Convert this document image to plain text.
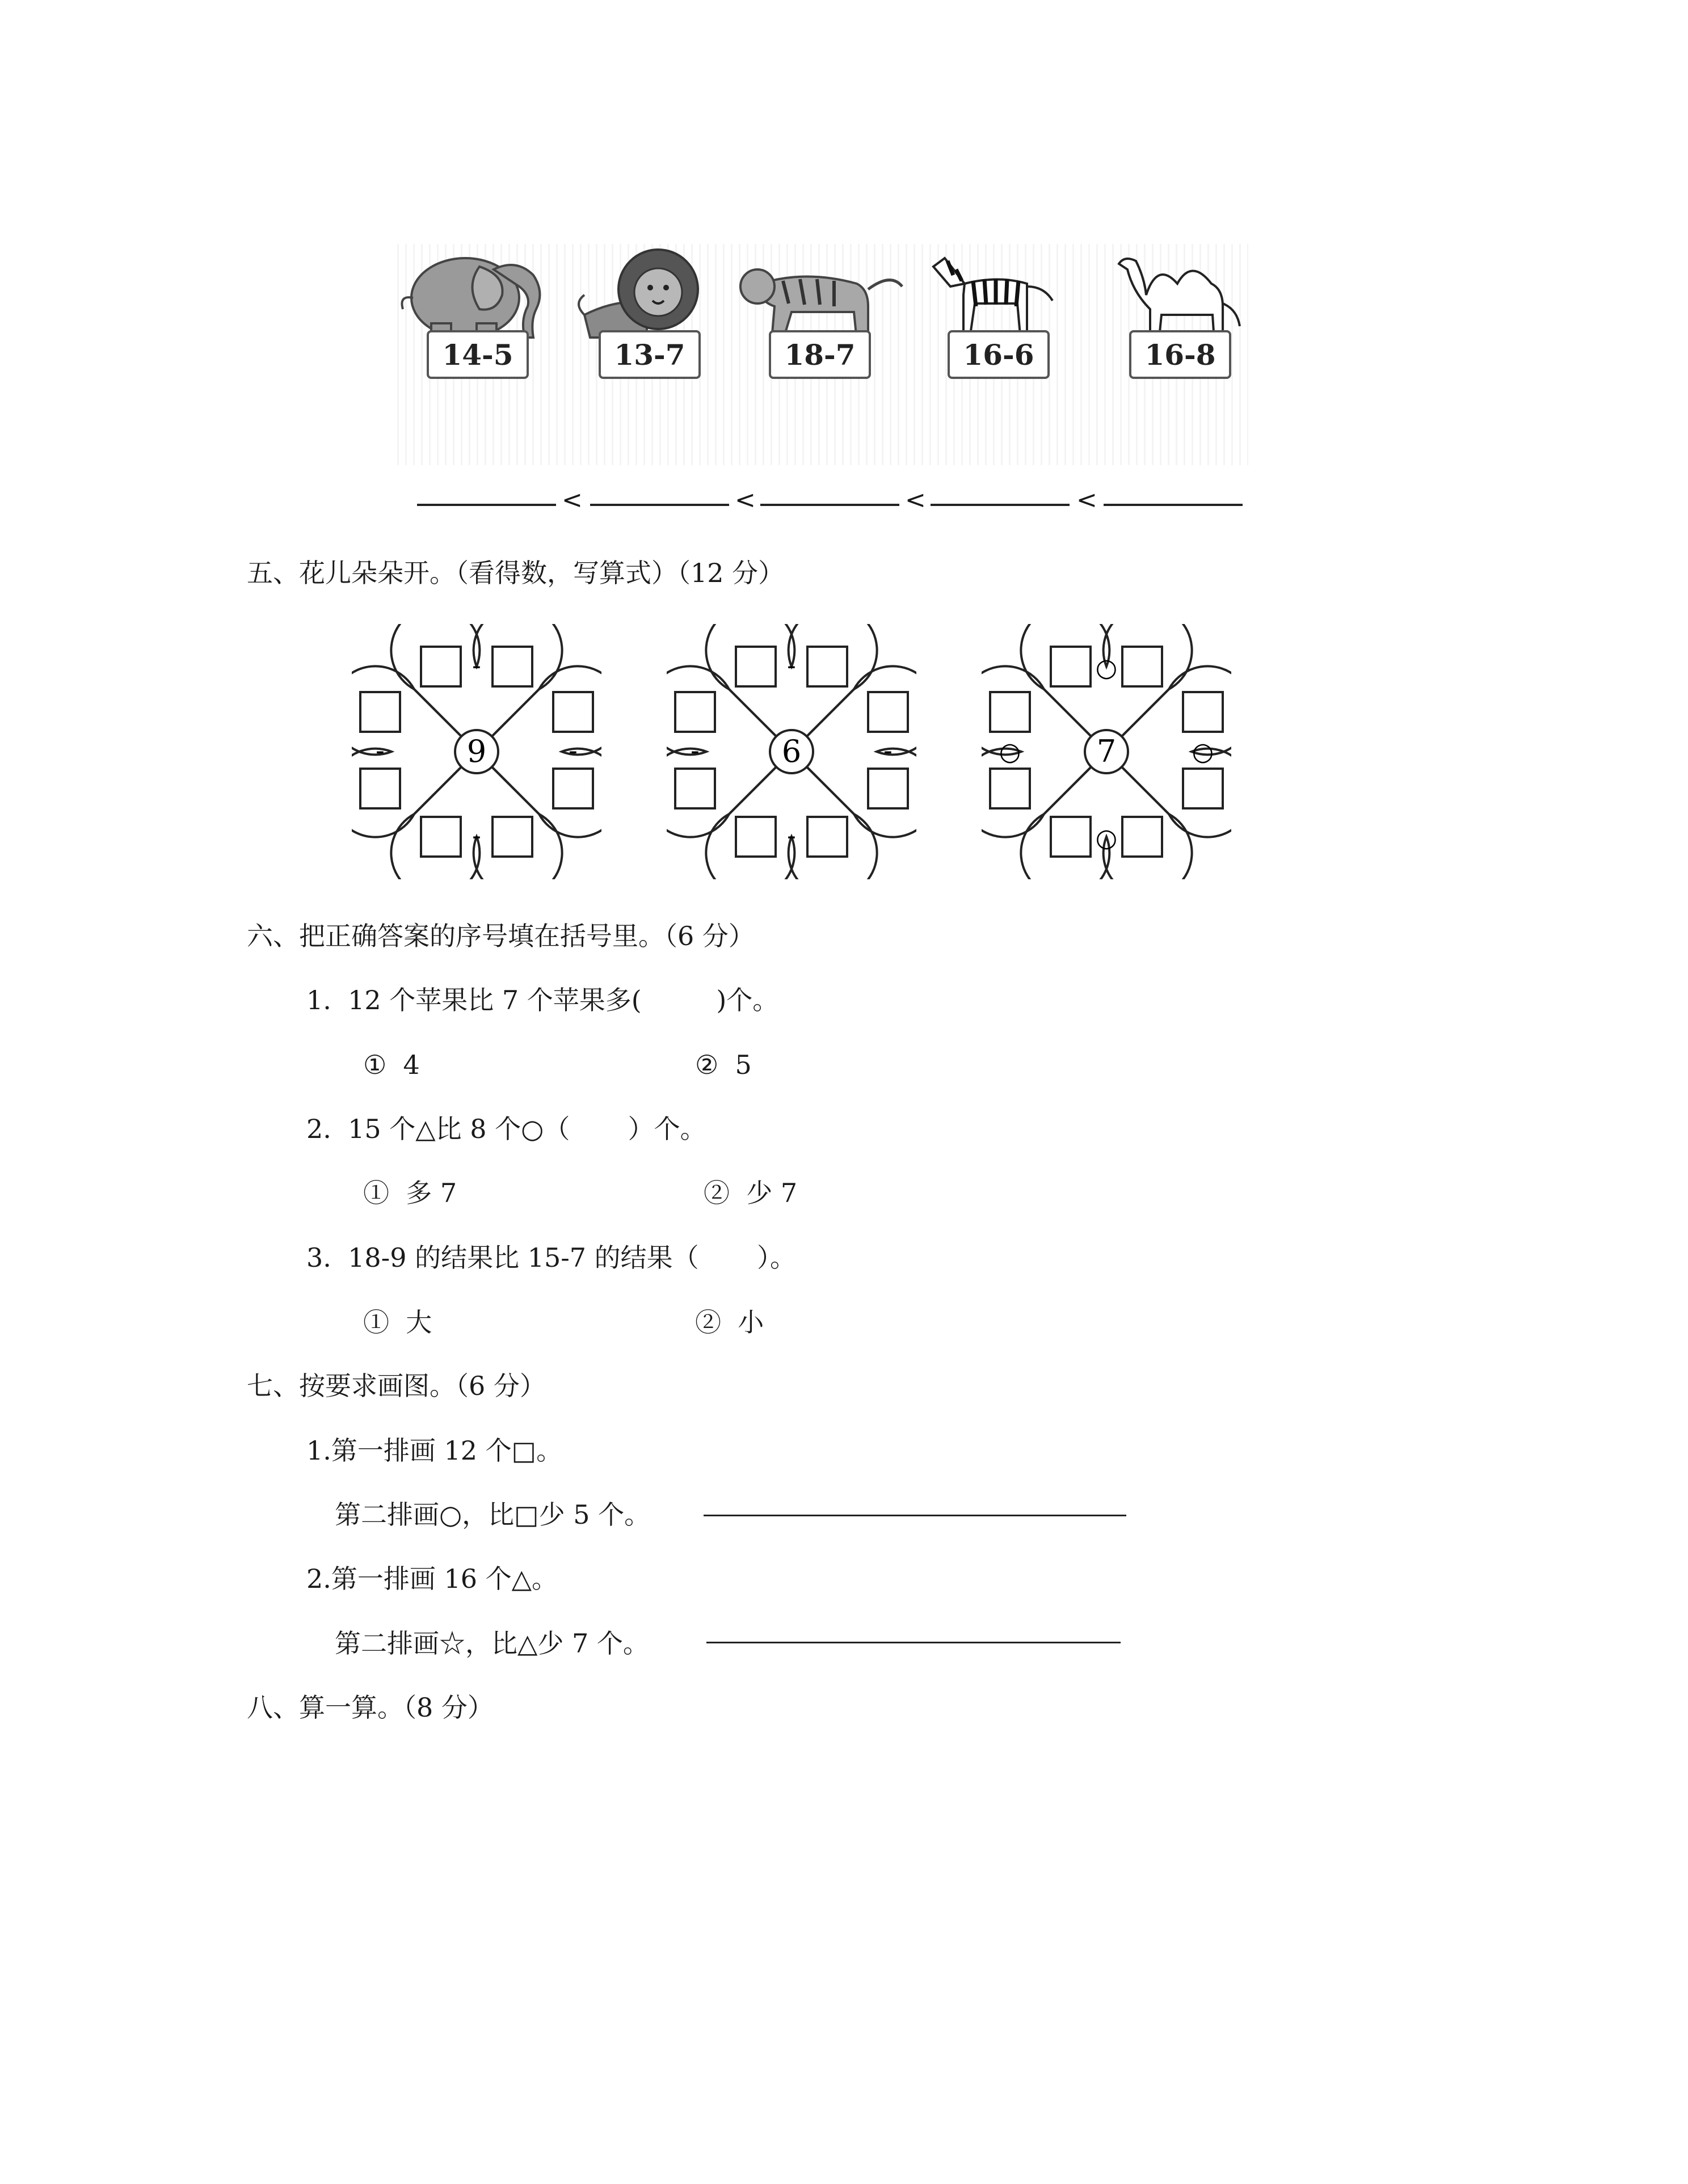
14-5	13-7	18-7	16-6	16-8
<	<	<	<
五、花儿朵朵开。（看得数，写算式）（12 分）
9
-
-
-	-	6
-
-
-	-	7
○
○
○	○
六、把正确答案的序号填在括号里。（6 分）
1.  12 个苹果比 7 个苹果多(         )个。
①  4	②  5
2.  15 个△比 8 个○（       ）个。
①  多 7	②  少 7
3.  18-9 的结果比 15-7 的结果（       ）。
①  大	②  小
七、按要求画图。（6 分）
1.第一排画 12 个□。
第二排画○，比□少 5 个。
2.第一排画 16 个△。
第二排画☆，比△少 7 个。
八、算一算。（8 分）
